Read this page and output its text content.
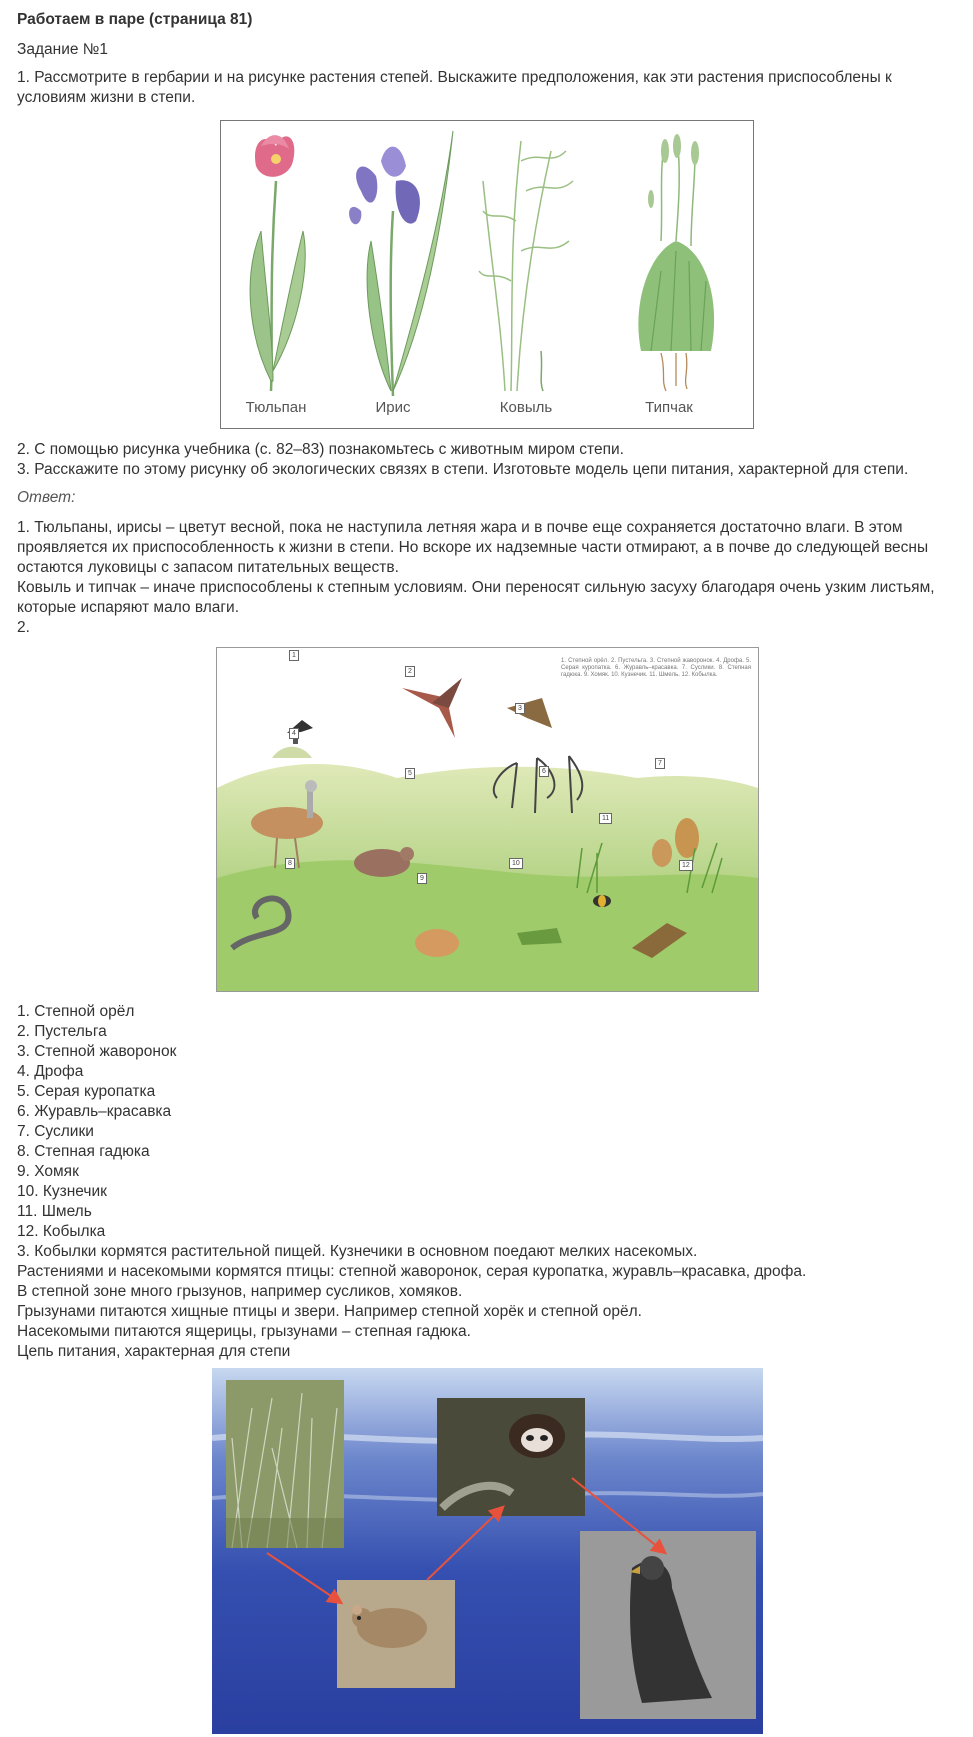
Работаем в паре (страница 81)
Задание №1
1. Рассмотрите в гербарии и на рисунке растения степей. Выскажите предположения, как эти растения приспособлены к условиям жизни в степи.
Тюльпан	Ирис	Ковыль	Типчак
2. С помощью рисунка учебника (с. 82–83) познакомьтесь с животным миром степи.
3. Расскажите по этому рисунку об экологических связях в степи. Изготовьте модель цепи питания, характерной для степи.
Ответ:
1. Тюльпаны, ирисы – цветут весной, пока не наступила летняя жара и в почве еще сохраняется достаточно влаги. В этом проявляется их приспособленность к жизни в степи. Но вскоре их надземные части отмирают, а в почве до следующей весны остаются луковицы с запасом питательных веществ.
Ковыль и типчак – иначе приспособлены к степным условиям. Они переносят сильную засуху благодаря очень узким листьям, которые испаряют мало влаги.
2.
1. Степной орёл. 2. Пустельга. 3. Степной жаворонок. 4. Дрофа. 5. Серая куропатка. 6. Журавль–красавка. 7. Суслики. 8. Степная гадюка. 9. Хомяк. 10. Кузнечик. 11. Шмель. 12. Кобылка.
1
2
3
4
5	6
7
8
9
10
11
12
1. Степной орёл
2. Пустельга
3. Степной жаворонок
4. Дрофа
5. Серая куропатка
6. Журавль–красавка
7. Суслики
8. Степная гадюка
9. Хомяк
10. Кузнечик
11. Шмель
12. Кобылка
3. Кобылки кормятся растительной пищей. Кузнечики в основном поедают мелких насекомых.
Растениями и насекомыми кормятся птицы: степной жаворонок, серая куропатка, журавль–красавка, дрофа.
В степной зоне много грызунов, например сусликов, хомяков.
Грызунами питаются хищные птицы и звери. Например степной хорёк и степной орёл.
Насекомыми питаются ящерицы, грызунами – степная гадюка.
Цепь питания, характерная для степи
